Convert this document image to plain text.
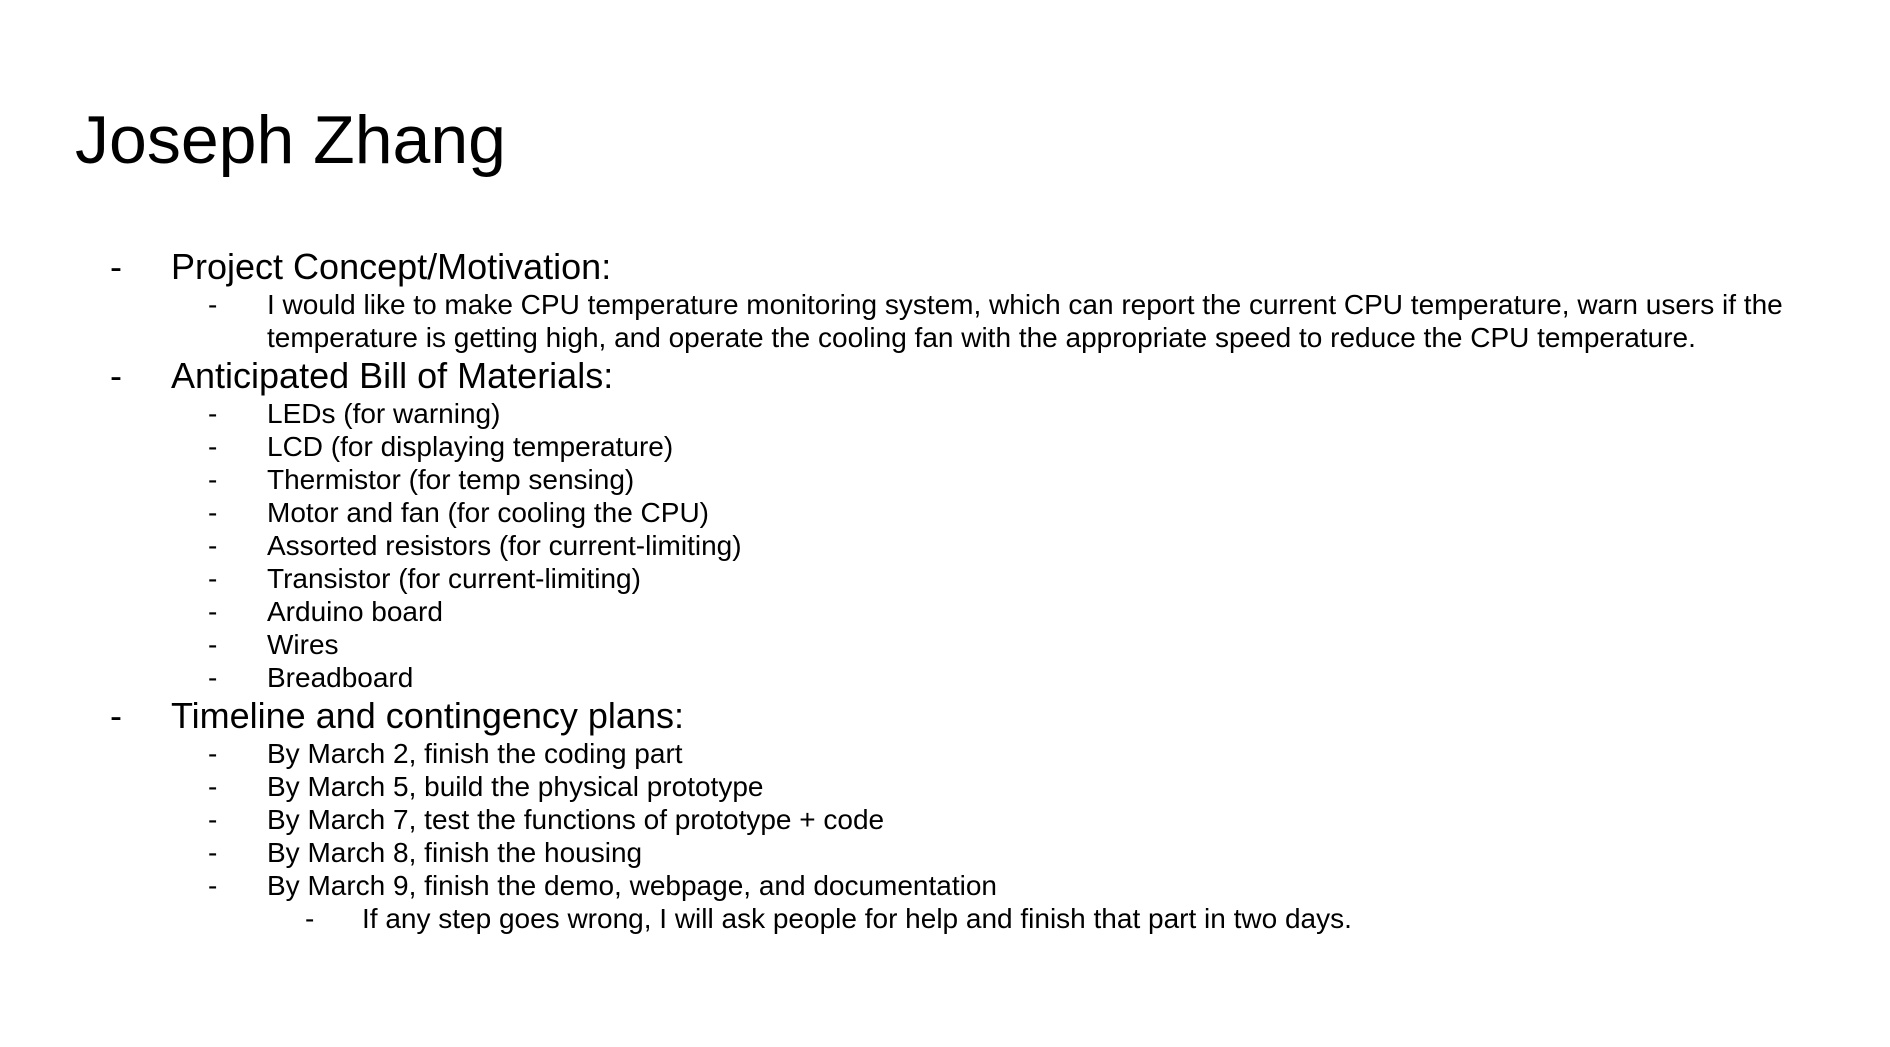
Joseph Zhang
- Project Concept/Motivation:
- I would like to make CPU temperature monitoring system, which can report the current CPU temperature, warn users if the temperature is getting high, and operate the cooling fan with the appropriate speed to reduce the CPU temperature.
- Anticipated Bill of Materials:
- LEDs (for warning)
- LCD (for displaying temperature)
- Thermistor (for temp sensing)
- Motor and fan (for cooling the CPU)
- Assorted resistors (for current-limiting)
- Transistor (for current-limiting)
- Arduino board
- Wires
- Breadboard
- Timeline and contingency plans:
- By March 2, finish the coding part
- By March 5, build the physical prototype
- By March 7, test the functions of prototype + code
- By March 8, finish the housing
- By March 9, finish the demo, webpage, and documentation
- If any step goes wrong, I will ask people for help and finish that part in two days.
